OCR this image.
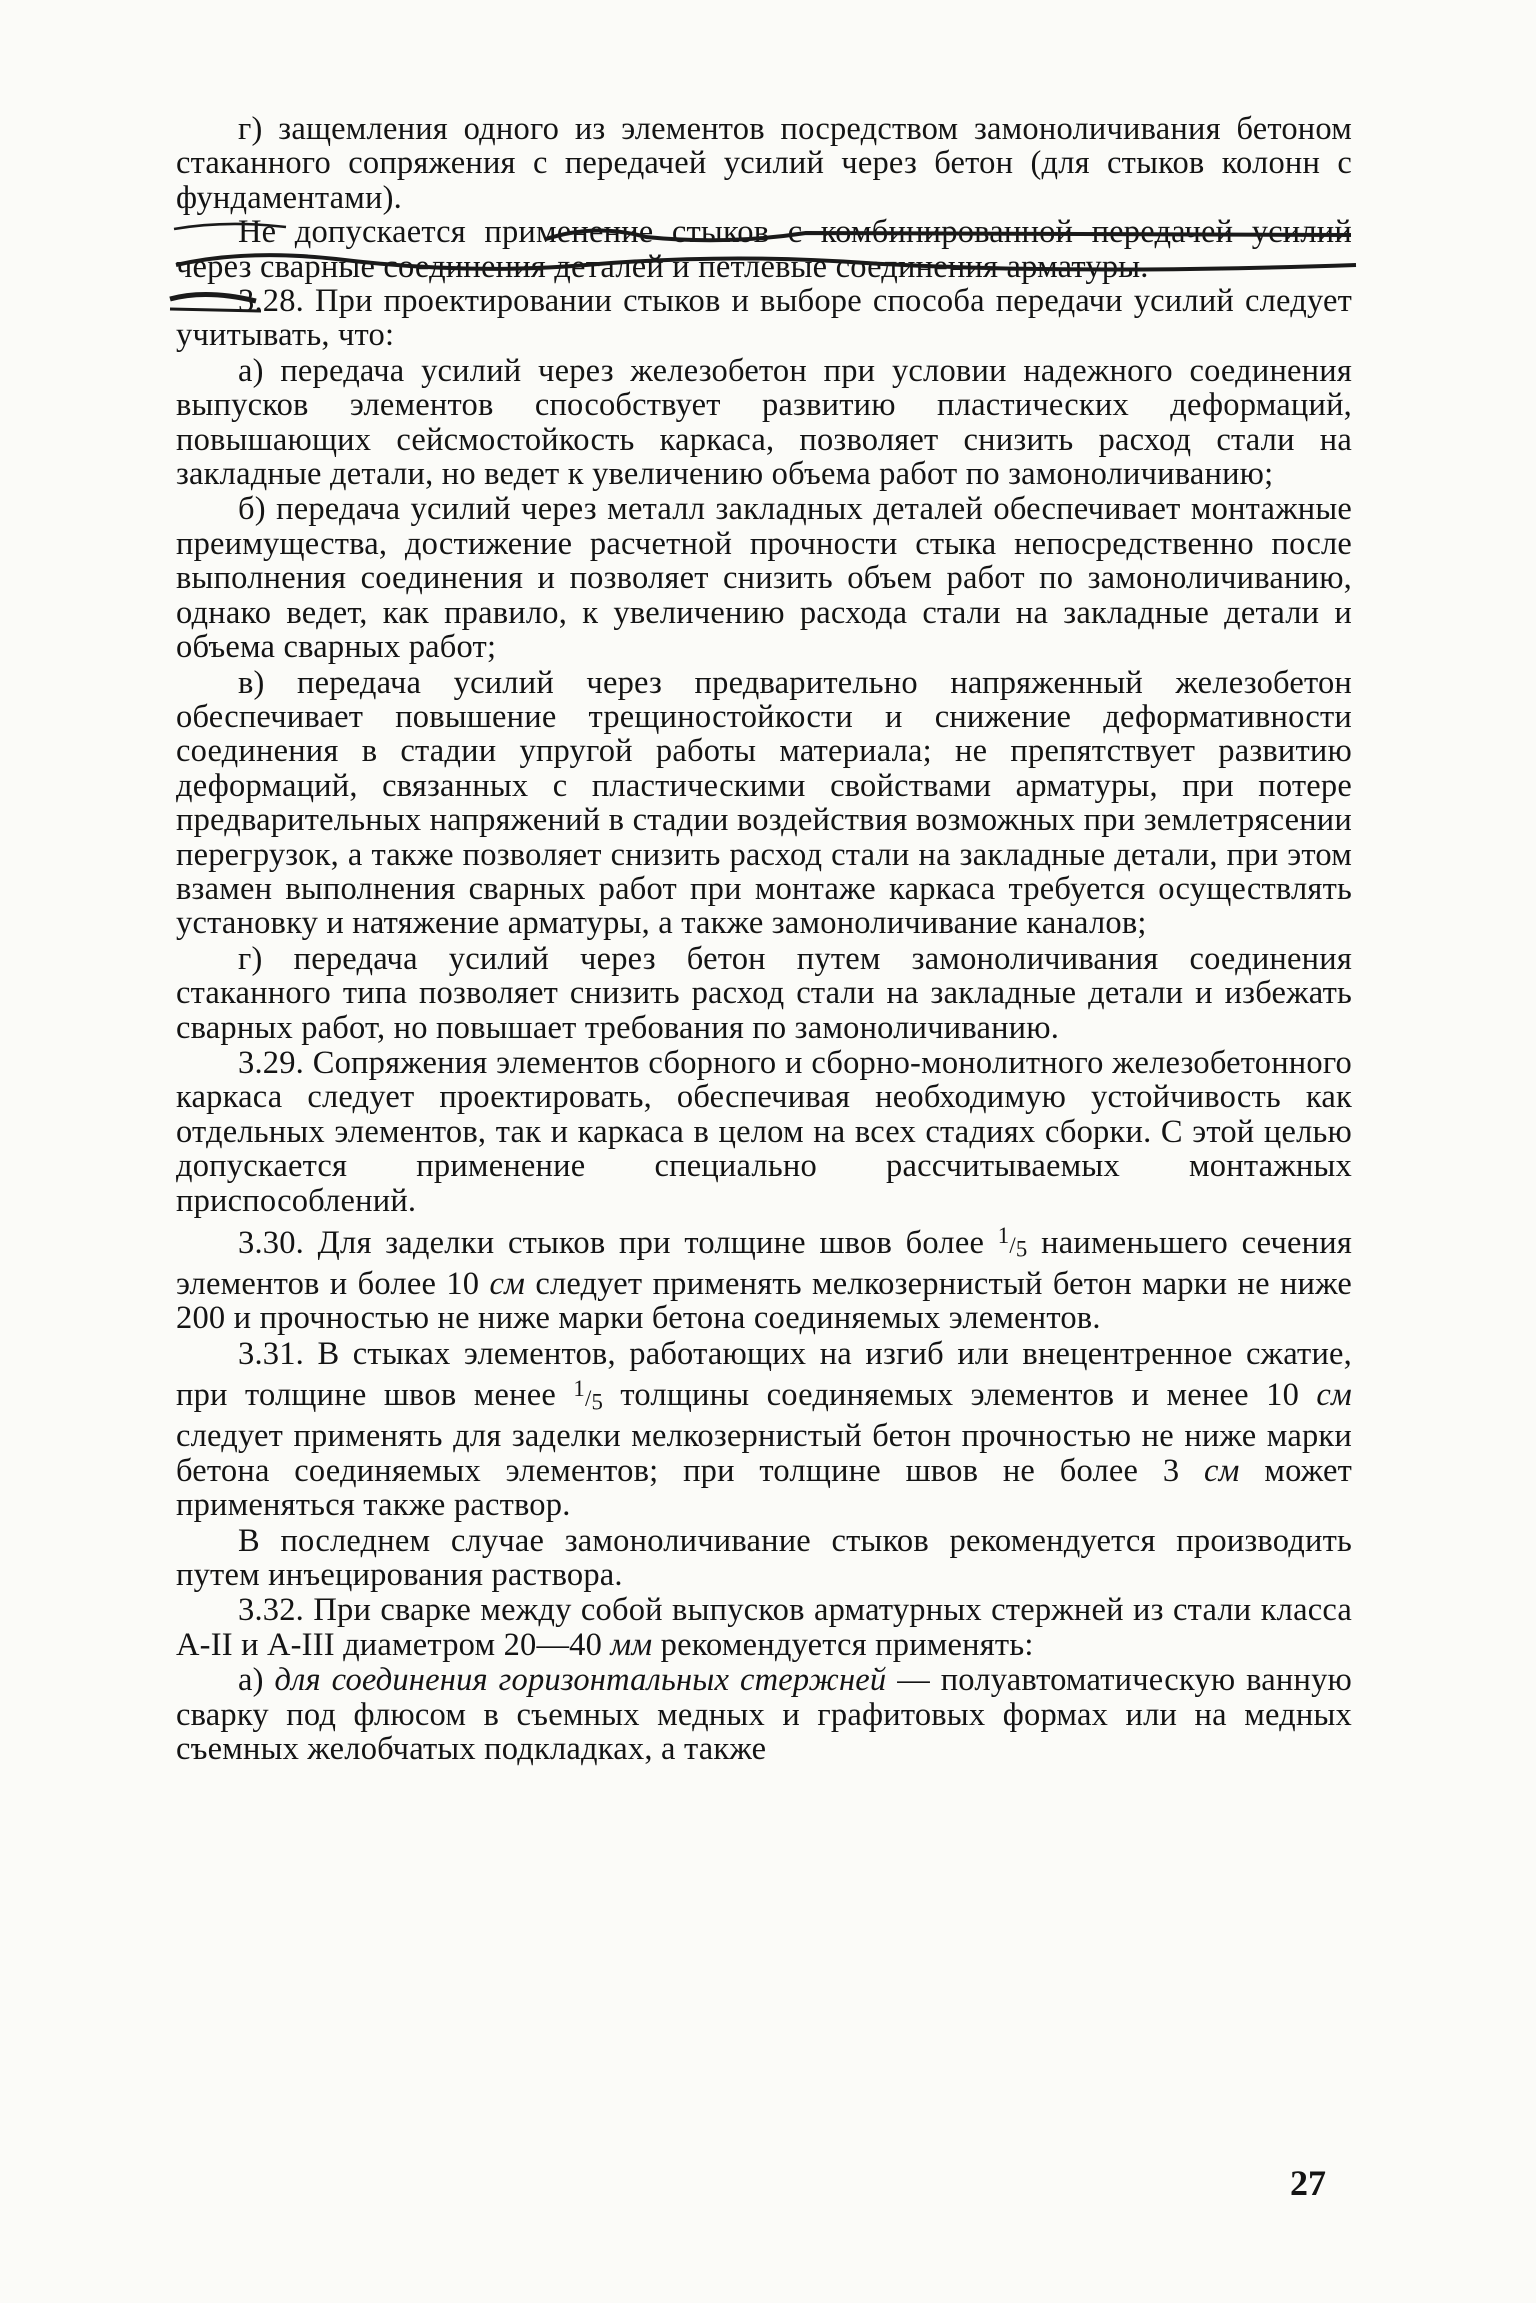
г) защемления одного из элементов посредством замоноличивания бетоном стаканного сопряжения с передачей усилий через бетон (для стыков колонн с фундаментами).

Не допускается применение стыков с комбинированной передачей усилий через сварные соединения деталей и петлевые соединения арматуры.

3.28. При проектировании стыков и выборе способа передачи усилий следует учитывать, что:

а) передача усилий через железобетон при условии надежного соединения выпусков элементов способствует развитию пластических деформаций, повышающих сейсмостойкость каркаса, позволяет снизить расход стали на закладные детали, но ведет к увеличению объема работ по замоноличиванию;

б) передача усилий через металл закладных деталей обеспечивает монтажные преимущества, достижение расчетной прочности стыка непосредственно после выполнения соединения и позволяет снизить объем работ по замоноличиванию, однако ведет, как правило, к увеличению расхода стали на закладные детали и объема сварных работ;

в) передача усилий через предварительно напряженный железобетон обеспечивает повышение трещиностойкости и снижение деформативности соединения в стадии упругой работы материала; не препятствует развитию деформаций, связанных с пластическими свойствами арматуры, при потере предварительных напряжений в стадии воздействия возможных при землетрясении перегрузок, а также позволяет снизить расход стали на закладные детали, при этом взамен выполнения сварных работ при монтаже каркаса требуется осуществлять установку и натяжение арматуры, а также замоноличивание каналов;

г) передача усилий через бетон путем замоноличивания соединения стаканного типа позволяет снизить расход стали на закладные детали и избежать сварных работ, но повышает требования по замоноличиванию.

3.29. Сопряжения элементов сборного и сборно-монолитного железобетонного каркаса следует проектировать, обеспечивая необходимую устойчивость как отдельных элементов, так и каркаса в целом на всех стадиях сборки. С этой целью допускается применение специально рассчитываемых монтажных приспособлений.

3.30. Для заделки стыков при толщине швов более $^1/_5$ наименьшего сечения элементов и более 10 см следует применять мелкозернистый бетон марки не ниже 200 и прочностью не ниже марки бетона соединяемых элементов.

3.31. В стыках элементов, работающих на изгиб или внецентренное сжатие, при толщине швов менее $^1/_5$ толщины соединяемых элементов и менее 10 см следует применять для заделки мелкозернистый бетон прочностью не ниже марки бетона соединяемых элементов; при толщине швов не более 3 см может применяться также раствор.

В последнем случае замоноличивание стыков рекомендуется производить путем инъецирования раствора.

3.32. При сварке между собой выпусков арматурных стержней из стали класса А-II и А-III диаметром 20—40 мм рекомендуется применять:

а) для соединения горизонтальных стержней — полуавтоматическую ванную сварку под флюсом в съемных медных и графитовых формах или на медных съемных желобчатых подкладках, а также

27
